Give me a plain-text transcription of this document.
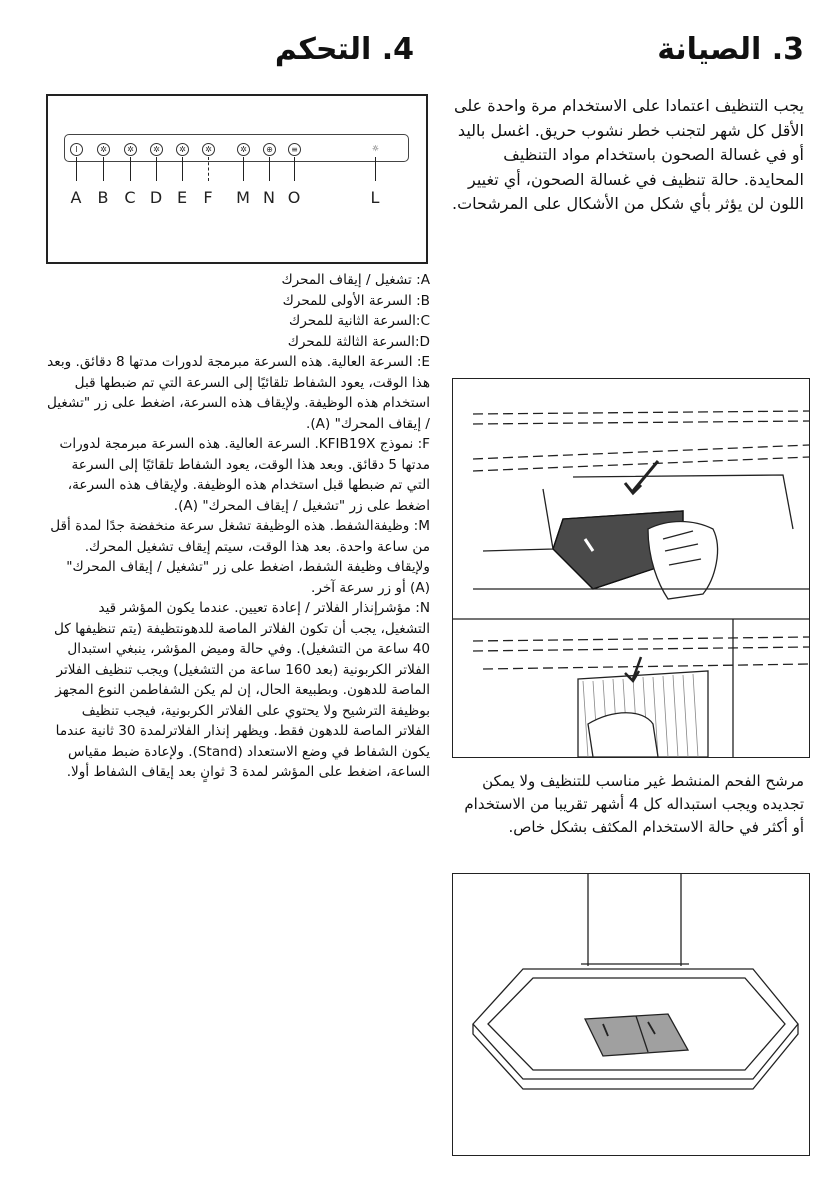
3. الصيانة

يجب التنظيف اعتمادا على الاستخدام مرة واحدة على الأقل كل شهر لتجنب خطر نشوب حريق. اغسل باليد أو في غسالة الصحون باستخدام مواد التنظيف المحايدة. حالة تنظيف في غسالة الصحون، أي تغيير اللون لن يؤثر بأي شكل من الأشكال على المرشحات.

مرشح الفحم المنشط غير مناسب للتنظيف ولا يمكن تجديده ويجب استبداله كل 4 أشهر تقريبا من الاستخدام أو أكثر في حالة الاستخدام المكثف بشكل خاص.

4. التحكم
I	✲	✲	✲	✲	✲	✲	⊕	≡	☼
A B C D E F M N O	L
A: تشغيل / إيقاف المحرك
B: السرعة الأولى للمحرك
C:السرعة الثانية للمحرك
D:السرعة الثالثة للمحرك
E: السرعة العالية. هذه السرعة مبرمجة لدورات مدتها 8 دقائق. وبعد هذا الوقت، يعود الشفاط تلقائيًا إلى السرعة التي تم ضبطها قبل استخدام هذه الوظيفة. ولإيقاف هذه السرعة، اضغط على زر "تشغيل / إيقاف المحرك" (A).
F: نموذج KFIB19X. السرعة العالية. هذه السرعة مبرمجة لدورات مدتها 5 دقائق. وبعد هذا الوقت، يعود الشفاط تلقائيًا إلى السرعة التي تم ضبطها قبل استخدام هذه الوظيفة. ولإيقاف هذه السرعة، اضغط على زر "تشغيل / إيقاف المحرك" (A).
M: وظيفةالشفط. هذه الوظيفة تشغل سرعة منخفضة جدًا لمدة أقل من ساعة واحدة. بعد هذا الوقت، سيتم إيقاف تشغيل المحرك. ولإيقاف وظيفة الشفط، اضغط على زر "تشغيل / إيقاف المحرك" (A) أو زر سرعة آخر.
N: مؤشرإنذار الفلاتر / إعادة تعيين. عندما يكون المؤشر قيد التشغيل، يجب أن تكون الفلاتر الماصة للدهونتظيفة (يتم تنظيفها كل 40 ساعة من التشغيل). وفي حالة وميض المؤشر، ينبغي استبدال الفلاتر الكربونية (بعد 160 ساعة من التشغيل) ويجب تنظيف الفلاتر الماصة للدهون. وبطبيعة الحال، إن لم يكن الشفاطمن النوع المجهز بوظيفة الترشيح ولا يحتوي على الفلاتر الكربونية، فيجب تنظيف الفلاتر الماصة للدهون فقط. ويظهر إنذار الفلاترلمدة 30 ثانية عندما يكون الشفاط في وضع الاستعداد (Stand). ولإعادة ضبط مقياس الساعة، اضغط على المؤشر لمدة 3 ثوانٍ بعد إيقاف الشفاط أولا.
